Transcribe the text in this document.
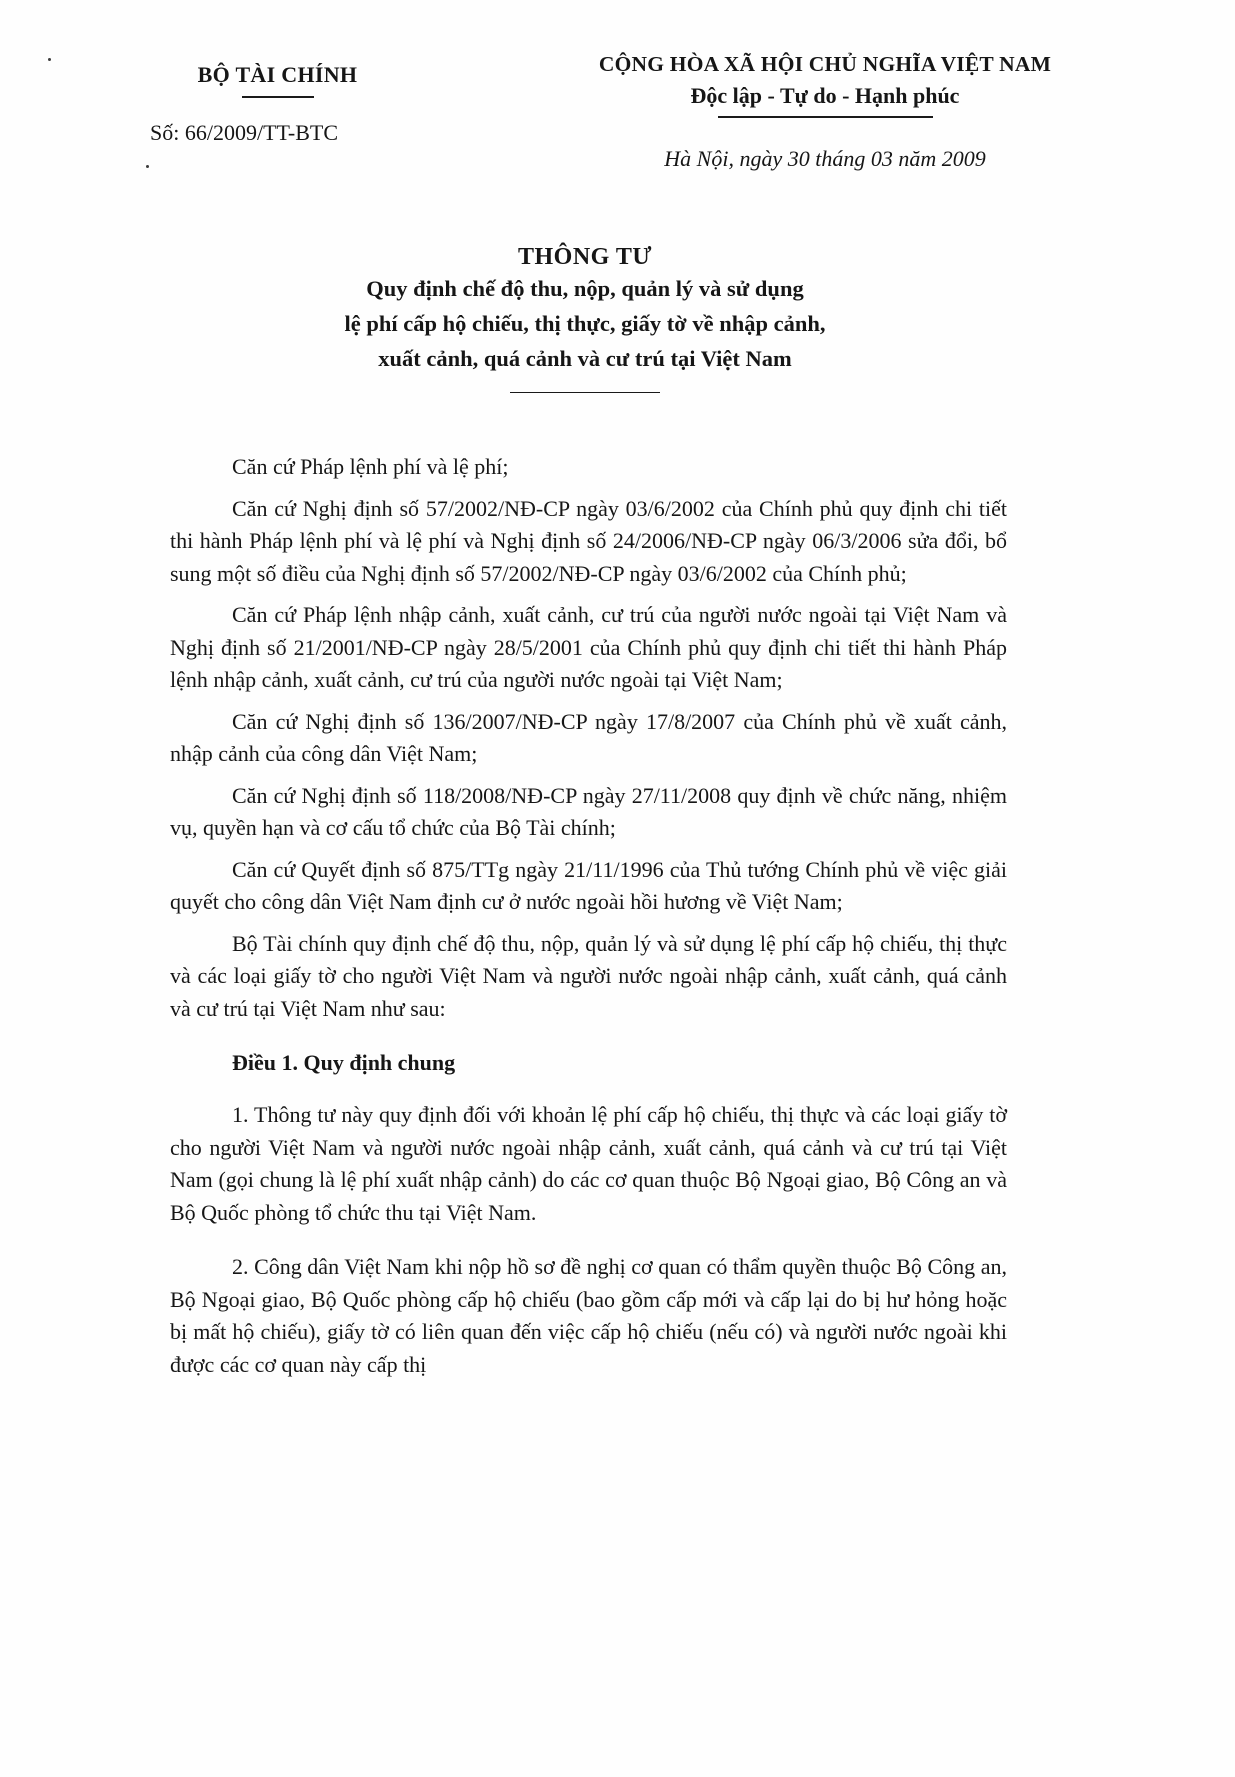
BỘ TÀI CHÍNH
Số: 66/2009/TT-BTC
CỘNG HÒA XÃ HỘI CHỦ NGHĨA VIỆT NAM
Độc lập - Tự do - Hạnh phúc
Hà Nội, ngày 30 tháng 03 năm 2009
THÔNG TƯ
Quy định chế độ thu, nộp, quản lý và sử dụng
lệ phí cấp hộ chiếu, thị thực, giấy tờ về nhập cảnh,
xuất cảnh, quá cảnh và cư trú tại Việt Nam

Căn cứ Pháp lệnh phí và lệ phí;

Căn cứ Nghị định số 57/2002/NĐ-CP ngày 03/6/2002 của Chính phủ quy định chi tiết thi hành Pháp lệnh phí và lệ phí và Nghị định số 24/2006/NĐ-CP ngày 06/3/2006 sửa đổi, bổ sung một số điều của Nghị định số 57/2002/NĐ-CP ngày 03/6/2002 của Chính phủ;

Căn cứ Pháp lệnh nhập cảnh, xuất cảnh, cư trú của người nước ngoài tại Việt Nam và Nghị định số 21/2001/NĐ-CP ngày 28/5/2001 của Chính phủ quy định chi tiết thi hành Pháp lệnh nhập cảnh, xuất cảnh, cư trú của người nước ngoài tại Việt Nam;

Căn cứ Nghị định số 136/2007/NĐ-CP ngày 17/8/2007 của Chính phủ về xuất cảnh, nhập cảnh của công dân Việt Nam;

Căn cứ Nghị định số 118/2008/NĐ-CP ngày 27/11/2008 quy định về chức năng, nhiệm vụ, quyền hạn và cơ cấu tổ chức của Bộ Tài chính;

Căn cứ Quyết định số 875/TTg ngày 21/11/1996 của Thủ tướng Chính phủ về việc giải quyết cho công dân Việt Nam định cư ở nước ngoài hồi hương về Việt Nam;

Bộ Tài chính quy định chế độ thu, nộp, quản lý và sử dụng lệ phí cấp hộ chiếu, thị thực và các loại giấy tờ cho người Việt Nam và người nước ngoài nhập cảnh, xuất cảnh, quá cảnh và cư trú tại Việt Nam như sau:

Điều 1. Quy định chung

1. Thông tư này quy định đối với khoản lệ phí cấp hộ chiếu, thị thực và các loại giấy tờ cho người Việt Nam và người nước ngoài nhập cảnh, xuất cảnh, quá cảnh và cư trú tại Việt Nam (gọi chung là lệ phí xuất nhập cảnh) do các cơ quan thuộc Bộ Ngoại giao, Bộ Công an và Bộ Quốc phòng tổ chức thu tại Việt Nam.

2. Công dân Việt Nam khi nộp hồ sơ đề nghị cơ quan có thẩm quyền thuộc Bộ Công an, Bộ Ngoại giao, Bộ Quốc phòng cấp hộ chiếu (bao gồm cấp mới và cấp lại do bị hư hỏng hoặc bị mất hộ chiếu), giấy tờ có liên quan đến việc cấp hộ chiếu (nếu có) và người nước ngoài khi được các cơ quan này cấp thị
